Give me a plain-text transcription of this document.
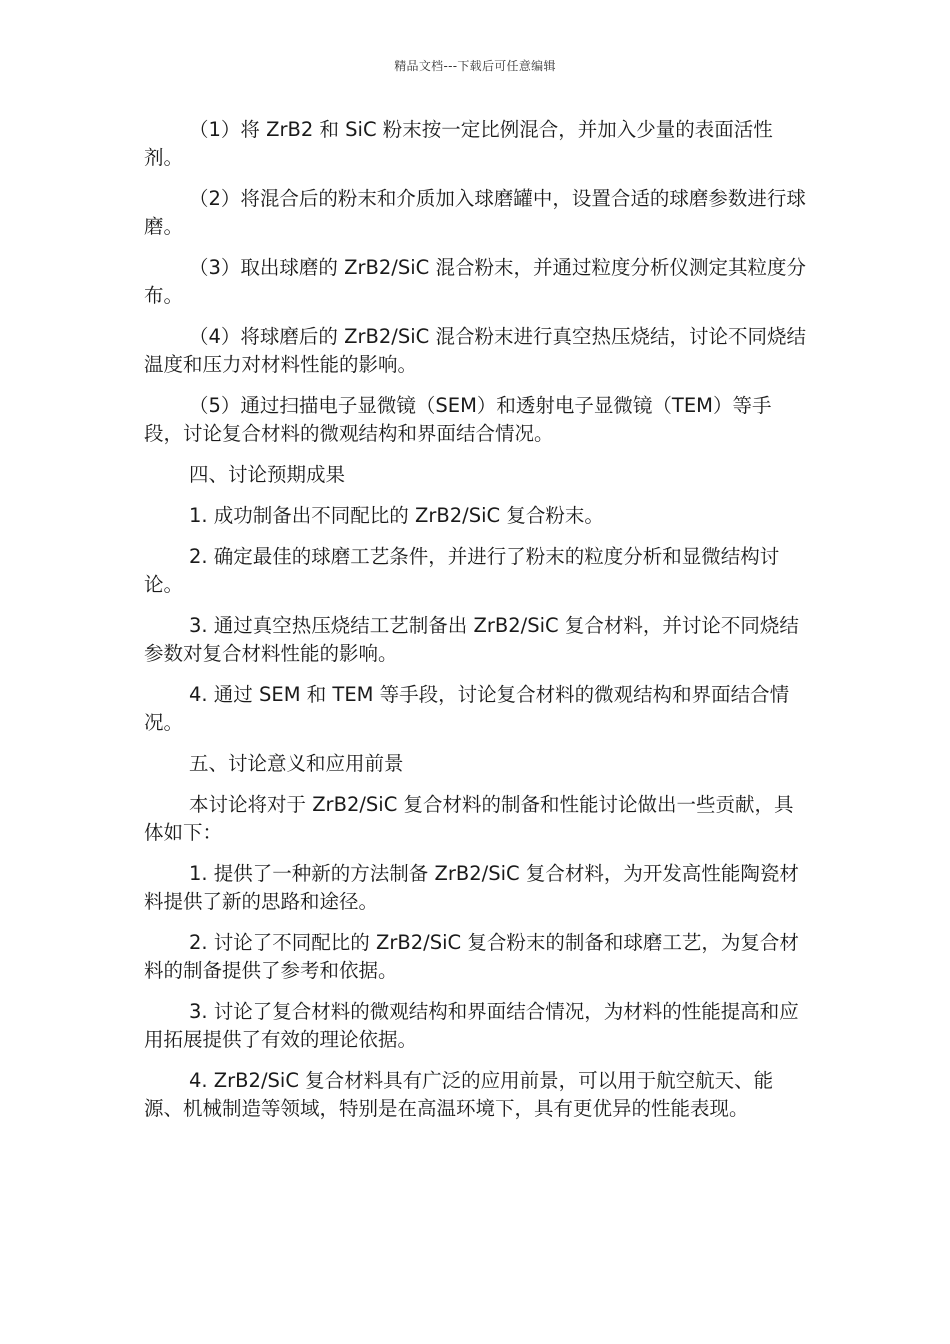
精品文档---下载后可任意编辑

（1）将 ZrB2 和 SiC 粉末按一定比例混合，并加入少量的表面活性剂。

（2）将混合后的粉末和介质加入球磨罐中，设置合适的球磨参数进行球磨。

（3）取出球磨的 ZrB2/SiC 混合粉末，并通过粒度分析仪测定其粒度分布。

（4）将球磨后的 ZrB2/SiC 混合粉末进行真空热压烧结，讨论不同烧结温度和压力对材料性能的影响。

（5）通过扫描电子显微镜（SEM）和透射电子显微镜（TEM）等手段，讨论复合材料的微观结构和界面结合情况。

四、讨论预期成果

1. 成功制备出不同配比的 ZrB2/SiC 复合粉末。

2. 确定最佳的球磨工艺条件，并进行了粉末的粒度分析和显微结构讨论。

3. 通过真空热压烧结工艺制备出 ZrB2/SiC 复合材料，并讨论不同烧结参数对复合材料性能的影响。

4. 通过 SEM 和 TEM 等手段，讨论复合材料的微观结构和界面结合情况。

五、讨论意义和应用前景

本讨论将对于 ZrB2/SiC 复合材料的制备和性能讨论做出一些贡献，具体如下：

1. 提供了一种新的方法制备 ZrB2/SiC 复合材料，为开发高性能陶瓷材料提供了新的思路和途径。

2. 讨论了不同配比的 ZrB2/SiC 复合粉末的制备和球磨工艺，为复合材料的制备提供了参考和依据。

3. 讨论了复合材料的微观结构和界面结合情况，为材料的性能提高和应用拓展提供了有效的理论依据。

4. ZrB2/SiC 复合材料具有广泛的应用前景，可以用于航空航天、能源、机械制造等领域，特别是在高温环境下，具有更优异的性能表现。
